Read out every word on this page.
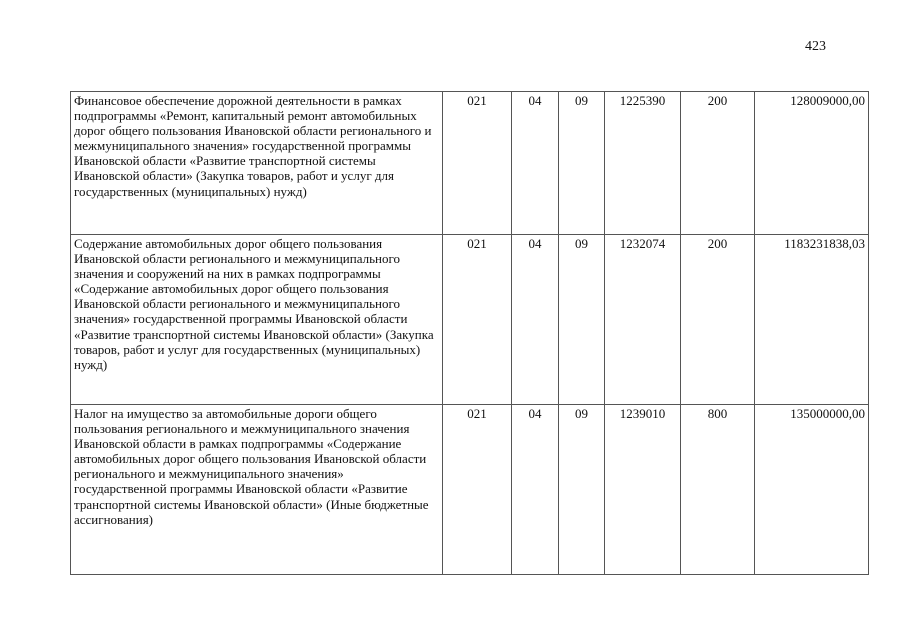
423
Финансовое обеспечение дорожной деятельности в рамках подпрограммы «Ремонт, капитальный ремонт автомобильных дорог общего пользования Ивановской области регионального и межмуниципального значения» государственной программы Ивановской области «Развитие транспортной системы Ивановской области» (Закупка товаров, работ и услуг для государственных (муниципальных) нужд)	021	04	09	1225390	200	128009000,00
Содержание автомобильных дорог общего пользования Ивановской области регионального и межмуниципального значения и сооружений на них в рамках подпрограммы «Содержание автомобильных дорог общего пользования Ивановской области регионального и межмуниципального значения» государственной программы Ивановской области «Развитие транспортной системы Ивановской области» (Закупка товаров, работ и услуг для государственных (муниципальных) нужд)	021	04	09	1232074	200	1183231838,03
Налог на имущество за автомобильные дороги общего пользования регионального и межмуниципального значения Ивановской области в рамках подпрограммы «Содержание автомобильных дорог общего пользования Ивановской области регионального и межмуниципального значения» государственной программы Ивановской области «Развитие транспортной системы Ивановской области» (Иные бюджетные ассигнования)	021	04	09	1239010	800	135000000,00
